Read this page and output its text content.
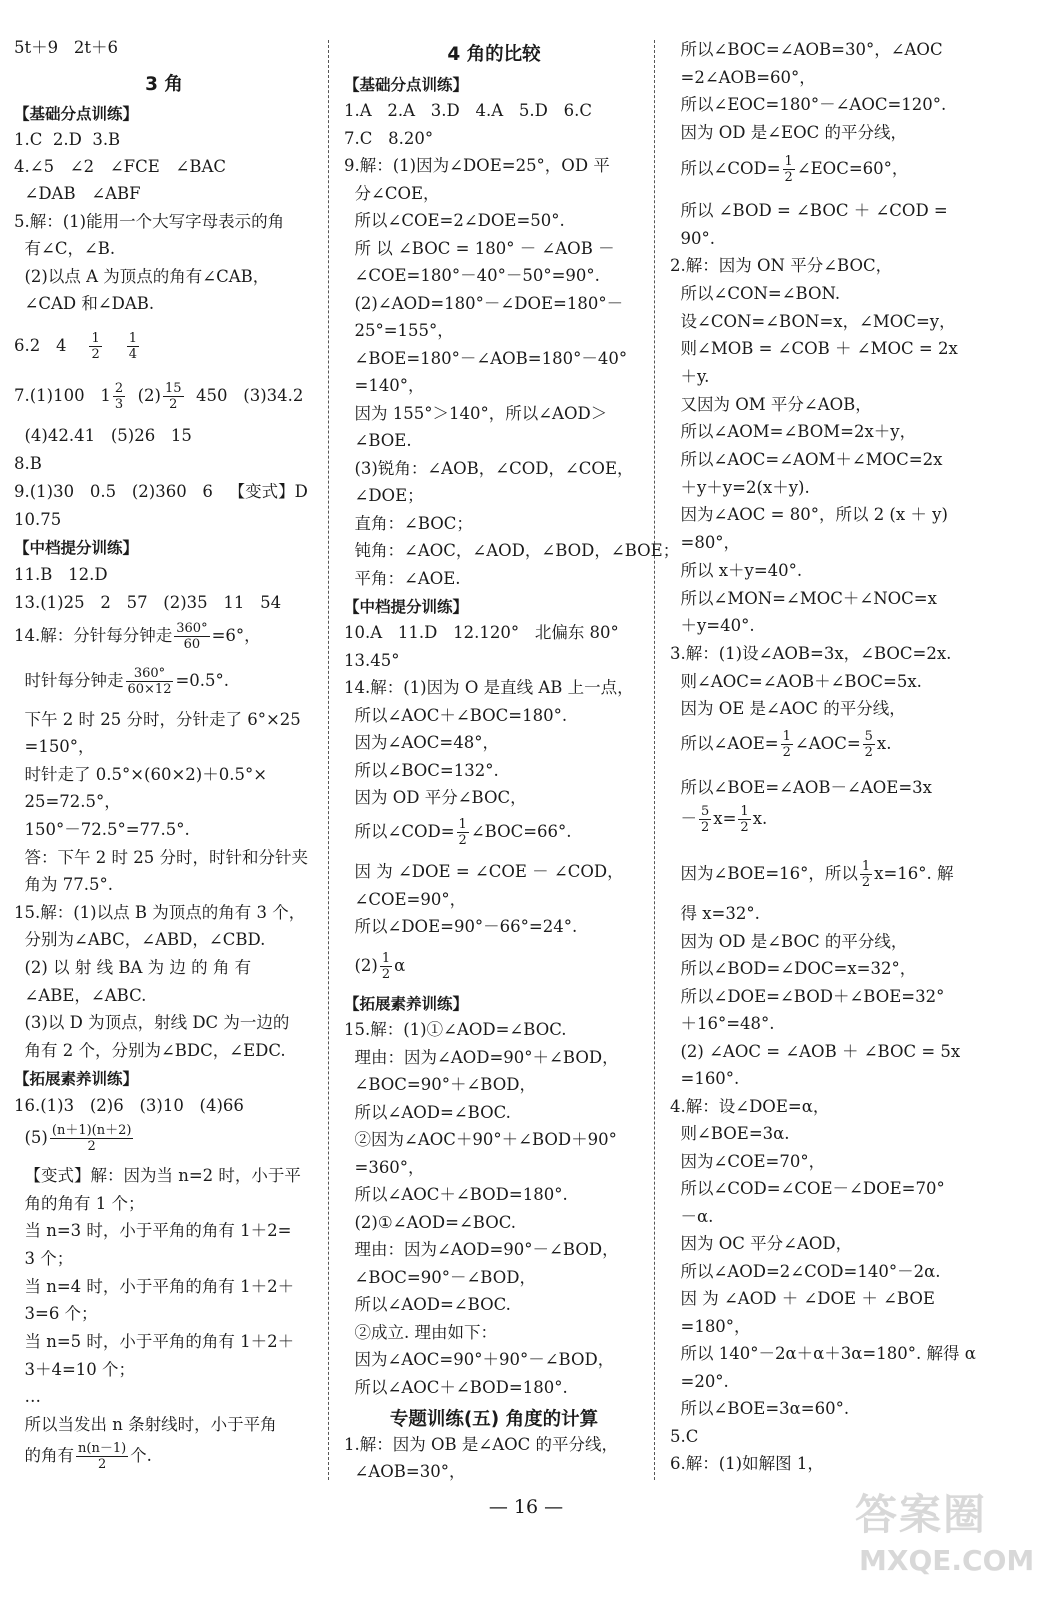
5t＋9   2t＋6
3 角
【基础分点训练】
1.C  2.D  3.B
4.∠5   ∠2   ∠FCE   ∠BAC
∠DAB   ∠ABF
5.解：(1)能用一个大写字母表示的角
有∠C，∠B.
(2)以点 A 为顶点的角有∠CAB，
∠CAD 和∠DAB.
6.2   $4 \frac{1}{2}$
$\frac{1}{4}$
7.(1)100   $1 \frac{2}{3} (2) \frac{15}{2} 450$   (3)34.2
(4)42.41   (5)26   15
8.B
9.(1)30   0.5   (2)360   6   【变式】D
10.75
【中档提分训练】
11.B   12.D
13.(1)25   2   57   (2)35   11   54
14.解：分针每分钟走 $\frac{360^\circ}{60} =6^\circ$，
时针每分钟走 $\frac{360^\circ}{60\times 12} =0.5^\circ$.
下午 2 时 25 分时，分针走了 6°×25
=150°，
时针走了 0.5°×(60×2)＋0.5°×
25=72.5°，
150°－72.5°=77.5°.
答：下午 2 时 25 分时，时针和分针夹
角为 77.5°.
15.解：(1)以点 B 为顶点的角有 3 个，
分别为∠ABC，∠ABD，∠CBD.
(2) 以 射 线 BA 为 边 的 角 有
∠ABE，∠ABC.
(3)以 D 为顶点，射线 DC 为一边的
角有 2 个，分别为∠BDC，∠EDC.
【拓展素养训练】
16.(1)3   (2)6   (3)10   (4)66
$(5) \frac{(n+1)(n+2)}{2}$
【变式】解：因为当 n=2 时，小于平
角的角有 1 个；
当 n=3 时，小于平角的角有 1＋2=
3 个；
当 n=4 时，小于平角的角有 1＋2＋
3=6 个；
当 n=5 时，小于平角的角有 1＋2＋
3＋4=10 个；
…
所以当发出 n 条射线时，小于平角
的角有 $\frac{n(n-1)}{2}$ 个.
4 角的比较
【基础分点训练】
1.A   2.A   3.D   4.A   5.D   6.C
7.C   8.20°
9.解：(1)因为∠DOE=25°，OD 平
分∠COE，
所以∠COE=2∠DOE=50°.
所 以 ∠BOC = 180° － ∠AOB －
∠COE=180°－40°－50°=90°.
(2)∠AOD=180°－∠DOE=180°－
25°=155°，
∠BOE=180°－∠AOB=180°－40°
=140°，
因为 155°＞140°，所以∠AOD＞
∠BOE.
(3)锐角：∠AOB，∠COD，∠COE，
∠DOE；
直角：∠BOC；
钝角：∠AOC，∠AOD，∠BOD，∠BOE；
平角：∠AOE.
【中档提分训练】
10.A   11.D   12.120°   北偏东 80°
13.45°
14.解：(1)因为 O 是直线 AB 上一点，
所以∠AOC＋∠BOC=180°.
因为∠AOC=48°，
所以∠BOC=132°.
因为 OD 平分∠BOC，
所以∠COD= $\frac{1}{2}$ ∠BOC=66°.
因 为 ∠DOE = ∠COE － ∠COD，
∠COE=90°，
所以∠DOE=90°－66°=24°.
$(2) \frac{1}{2}$ α
【拓展素养训练】
15.解：(1)①∠AOD=∠BOC.
理由：因为∠AOD=90°＋∠BOD，
∠BOC=90°＋∠BOD，
所以∠AOD=∠BOC.
②因为∠AOC＋90°＋∠BOD＋90°
=360°，
所以∠AOC＋∠BOD=180°.
(2)①∠AOD=∠BOC.
理由：因为∠AOD=90°－∠BOD，
∠BOC=90°－∠BOD，
所以∠AOD=∠BOC.
②成立. 理由如下：
因为∠AOC=90°＋90°－∠BOD，
所以∠AOC＋∠BOD=180°.
专题训练(五) 角度的计算
1.解：因为 OB 是∠AOC 的平分线，
∠AOB=30°，
所以∠BOC=∠AOB=30°，∠AOC
=2∠AOB=60°，
所以∠EOC=180°－∠AOC=120°.
因为 OD 是∠EOC 的平分线，
所以∠COD= $\frac{1}{2}$ ∠EOC=60°，
所以 ∠BOD = ∠BOC ＋ ∠COD =
90°.
2.解：因为 ON 平分∠BOC，
所以∠CON=∠BON.
设∠CON=∠BON=x，∠MOC=y，
则∠MOB = ∠COB ＋ ∠MOC = 2x
＋y.
又因为 OM 平分∠AOB，
所以∠AOM=∠BOM=2x＋y，
所以∠AOC=∠AOM＋∠MOC=2x
＋y＋y=2(x＋y).
因为∠AOC = 80°，所以 2 (x ＋ y)
=80°，
所以 x＋y=40°.
所以∠MON=∠MOC＋∠NOC=x
＋y=40°.
3.解：(1)设∠AOB=3x，∠BOC=2x.
则∠AOC=∠AOB＋∠BOC=5x.
因为 OE 是∠AOC 的平分线，
所以∠AOE= $\frac{1}{2}$ ∠AOC= $\frac{5}{2} x$.
所以∠BOE=∠AOB－∠AOE=3x
－ $\frac{5}{2} x= \frac{1}{2} x$.
因为∠BOE=16°，所以 $\frac{1}{2} x=16^\circ$. 解
得 x=32°.
因为 OD 是∠BOC 的平分线，
所以∠BOD=∠DOC=x=32°，
所以∠DOE=∠BOD＋∠BOE=32°
＋16°=48°.
(2) ∠AOC = ∠AOB ＋ ∠BOC = 5x
=160°.
4.解：设∠DOE=α，
则∠BOE=3α.
因为∠COE=70°，
所以∠COD=∠COE－∠DOE=70°
－α.
因为 OC 平分∠AOD，
所以∠AOD=2∠COD=140°－2α.
因 为 ∠AOD ＋ ∠DOE ＋ ∠BOE
=180°，
所以 140°－2α＋α＋3α=180°. 解得 α
=20°.
所以∠BOE=3α=60°.
5.C
6.解：(1)如解图 1，
— 16 —	答案圈
MXQE.COM
